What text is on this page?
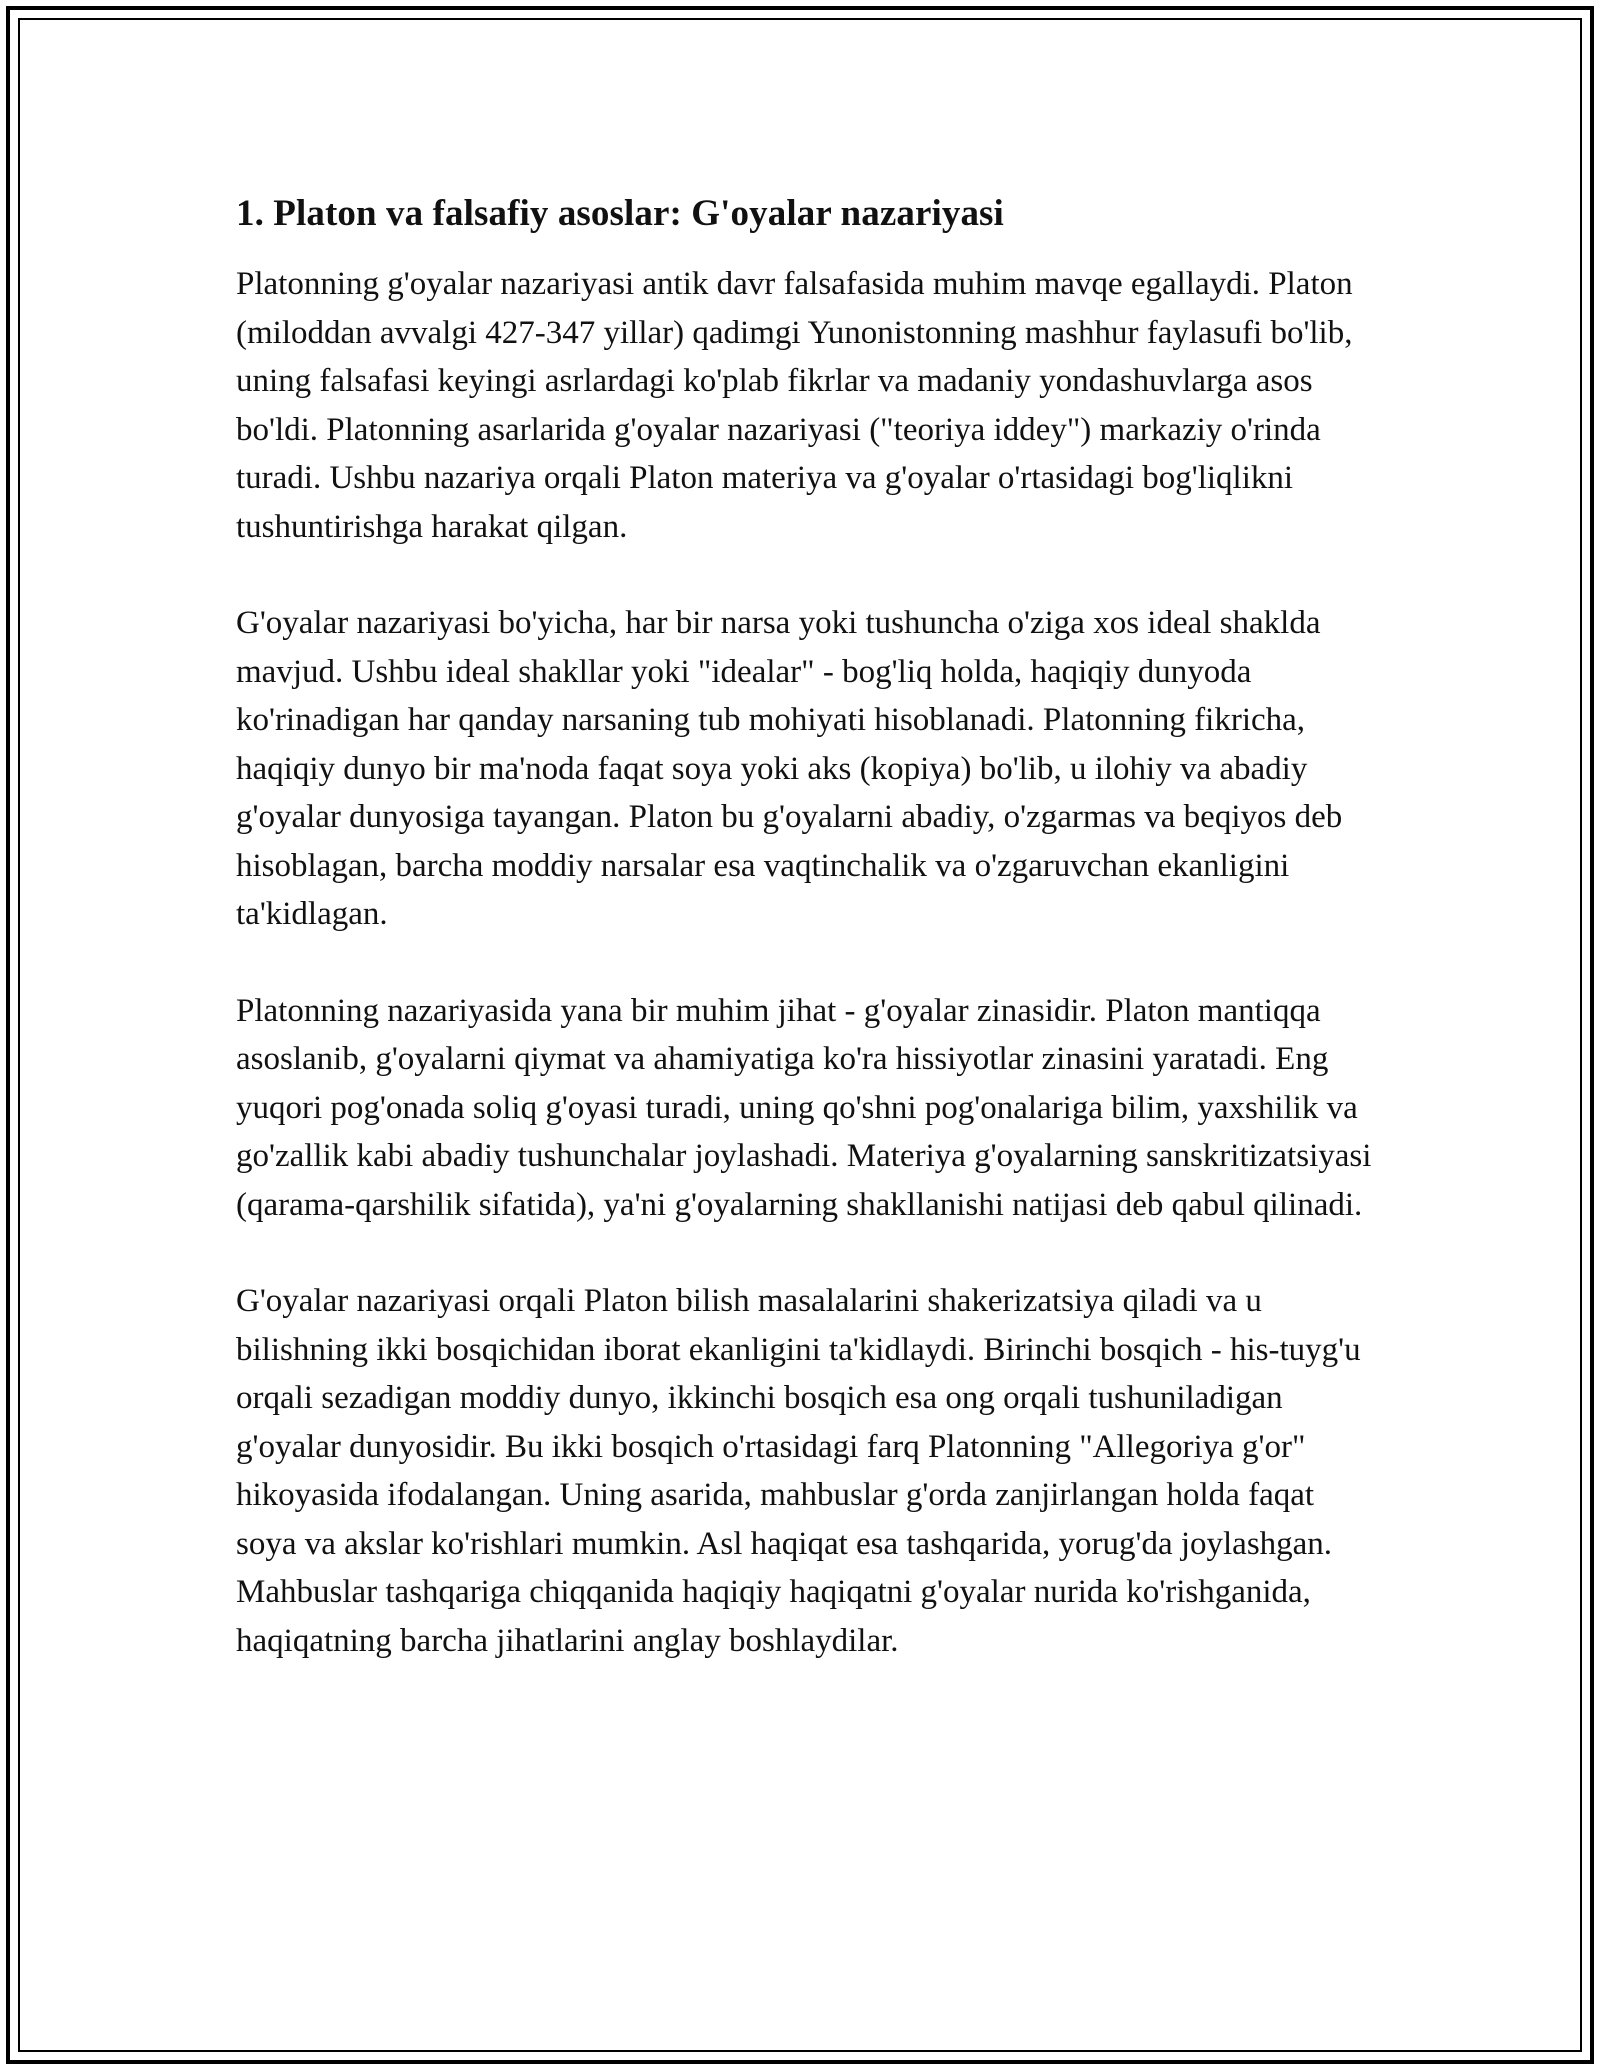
1. Platon va falsafiy asoslar: G'oyalar nazariyasi

Platonning g'oyalar nazariyasi antik davr falsafasida muhim mavqe egallaydi. Platon (miloddan avvalgi 427-347 yillar) qadimgi Yunonistonning mashhur faylasufi bo'lib, uning falsafasi keyingi asrlardagi ko'plab fikrlar va madaniy yondashuvlarga asos bo'ldi. Platonning asarlarida g'oyalar nazariyasi ("teoriya iddey") markaziy o'rinda turadi. Ushbu nazariya orqali Platon materiya va g'oyalar o'rtasidagi bog'liqlikni tushuntirishga harakat qilgan.

G'oyalar nazariyasi bo'yicha, har bir narsa yoki tushuncha o'ziga xos ideal shaklda mavjud. Ushbu ideal shakllar yoki "idealar" - bog'liq holda, haqiqiy dunyoda ko'rinadigan har qanday narsaning tub mohiyati hisoblanadi. Platonning fikricha, haqiqiy dunyo bir ma'noda faqat soya yoki aks (kopiya) bo'lib, u ilohiy va abadiy g'oyalar dunyosiga tayangan. Platon bu g'oyalarni abadiy, o'zgarmas va beqiyos deb hisoblagan, barcha moddiy narsalar esa vaqtinchalik va o'zgaruvchan ekanligini ta'kidlagan.

Platonning nazariyasida yana bir muhim jihat - g'oyalar zinasidir. Platon mantiqqa asoslanib, g'oyalarni qiymat va ahamiyatiga ko'ra hissiyotlar zinasini yaratadi. Eng yuqori pog'onada soliq g'oyasi turadi, uning qo'shni pog'onalariga bilim, yaxshilik va go'zallik kabi abadiy tushunchalar joylashadi. Materiya g'oyalarning sanskritizatsiyasi (qarama-qarshilik sifatida), ya'ni g'oyalarning shakllanishi natijasi deb qabul qilinadi.

G'oyalar nazariyasi orqali Platon bilish masalalarini shakerizatsiya qiladi va u bilishning ikki bosqichidan iborat ekanligini ta'kidlaydi. Birinchi bosqich - his-tuyg'u orqali sezadigan moddiy dunyo, ikkinchi bosqich esa ong orqali tushuniladigan g'oyalar dunyosidir. Bu ikki bosqich o'rtasidagi farq Platonning "Allegoriya g'or" hikoyasida ifodalangan. Uning asarida, mahbuslar g'orda zanjirlangan holda faqat soya va akslar ko'rishlari mumkin. Asl haqiqat esa tashqarida, yorug'da joylashgan. Mahbuslar tashqariga chiqqanida haqiqiy haqiqatni g'oyalar nurida ko'rishganida, haqiqatning barcha jihatlarini anglay boshlaydilar.
